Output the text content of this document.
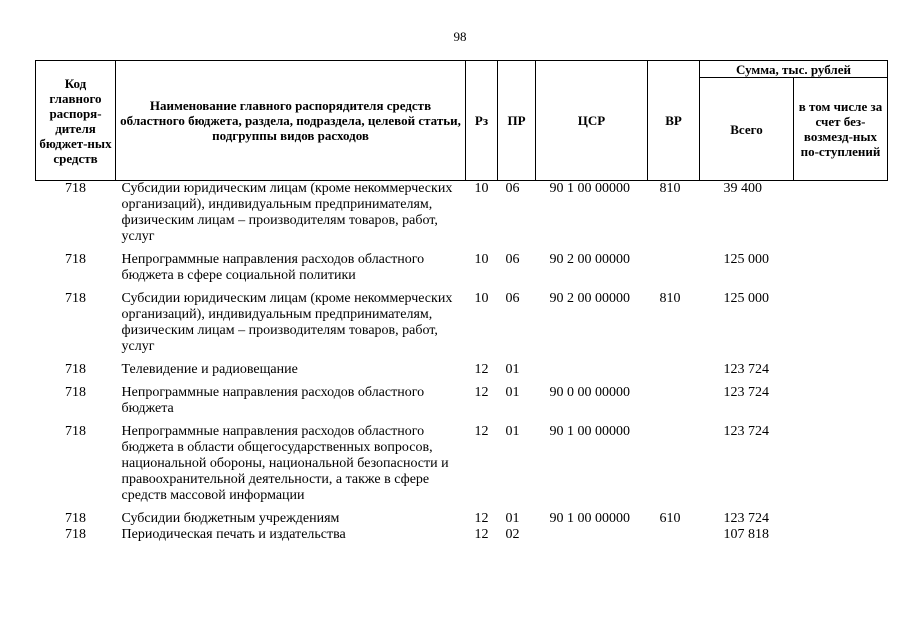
98
Код главного распоря-дителя бюджет-ных средств	Наименование главного распорядителя средств областного бюджета, раздела, подраздела, целевой статьи, подгруппы видов расходов	Рз	ПР	ЦСР	ВР	Сумма, тыс. рублей	
						Всего	в том числе за счет без-возмезд-ных по-ступлений
718	Субсидии юридическим лицам (кроме некоммерческих организаций), индивидуальным предпринимателям, физическим лицам – производителям товаров, работ, услуг	10	06	90 1 00 00000	810	39 400	
718	Непрограммные направления расходов областного бюджета в сфере социальной политики	10	06	90 2 00 00000		125 000	
718	Субсидии юридическим лицам (кроме некоммерческих организаций), индивидуальным предпринимателям, физическим лицам – производителям товаров, работ, услуг	10	06	90 2 00 00000	810	125 000	
718	Телевидение и радиовещание	12	01			123 724	
718	Непрограммные направления расходов областного бюджета	12	01	90 0 00 00000		123 724	
718	Непрограммные направления расходов областного бюджета в области общегосударственных вопросов, национальной обороны, национальной безопасности и правоохранительной деятельности, а также в сфере средств массовой информации	12	01	90 1 00 00000		123 724	
718	Субсидии бюджетным учреждениям	12	01	90 1 00 00000	610	123 724	
718	Периодическая печать и издательства	12	02			107 818	
